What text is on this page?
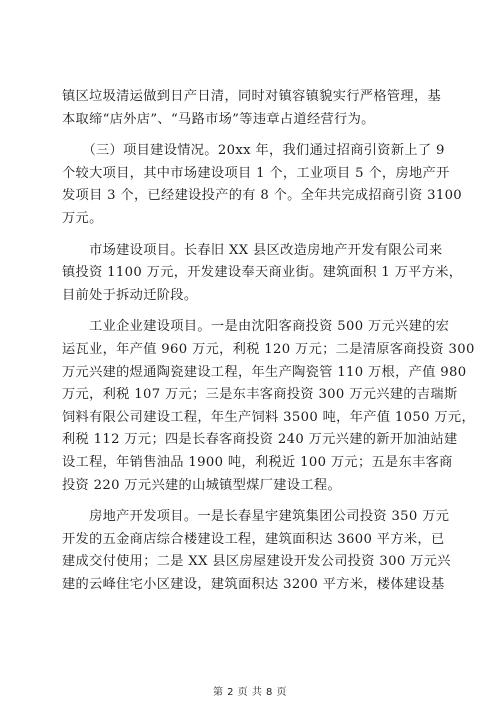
镇区垃圾清运做到日产日清，同时对镇容镇貌实行严格管理，基
本取缔“店外店”、“马路市场”等违章占道经营行为。

　　（三）项目建设情况。20xx 年，我们通过招商引资新上了 9
个较大项目，其中市场建设项目 1 个，工业项目 5 个，房地产开
发项目 3 个，已经建设投产的有 8 个。全年共完成招商引资 3100
万元。

　　市场建设项目。长春旧 XX 县区改造房地产开发有限公司来
镇投资 1100 万元，开发建设奉天商业街。建筑面积 1 万平方米，
目前处于拆动迁阶段。

　　工业企业建设项目。一是由沈阳客商投资 500 万元兴建的宏
运瓦业，年产值 960 万元，利税 120 万元；二是清原客商投资 300
万元兴建的煜通陶瓷建设工程，年生产陶瓷管 110 万根，产值 980
万元，利税 107 万元；三是东丰客商投资 300 万元兴建的吉瑞斯
饲料有限公司建设工程，年生产饲料 3500 吨，年产值 1050 万元，
利税 112 万元；四是长春客商投资 240 万元兴建的新开加油站建
设工程，年销售油品 1900 吨，利税近 100 万元；五是东丰客商
投资 220 万元兴建的山城镇型煤厂建设工程。

　　房地产开发项目。一是长春星宇建筑集团公司投资 350 万元
开发的五金商店综合楼建设工程，建筑面积达 3600 平方米，已
建成交付使用；二是 XX 县区房屋建设开发公司投资 300 万元兴
建的云峰住宅小区建设，建筑面积达 3200 平方米，楼体建设基

第 2 页 共 8 页
